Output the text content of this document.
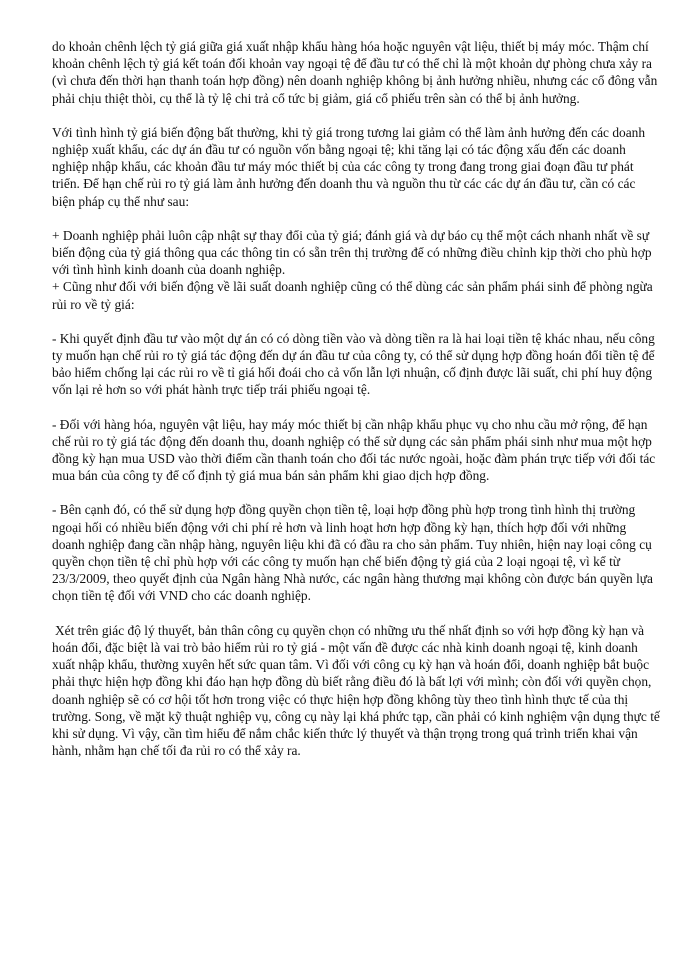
do khoản chênh lệch tỷ giá giữa giá xuất nhập khẩu hàng hóa hoặc nguyên vật liệu, thiết bị máy móc. Thậm chí khoản chênh lệch tỷ giá kết toán đối khoản vay ngoại tệ để đầu tư có thể chỉ là một khoản dự phòng chưa xảy ra (vì chưa đến thời hạn thanh toán hợp đồng) nên doanh nghiệp không bị ảnh hưởng nhiều, nhưng các cổ đông vẫn phải chịu thiệt thòi, cụ thể là tỷ lệ chi trả cổ tức bị giảm, giá cổ phiếu trên sàn có thể bị ảnh hưởng.

Với tình hình tỷ giá biến động bất thường, khi tỷ giá trong tương lai giảm có thể làm ảnh hưởng đến các doanh nghiệp xuất khẩu, các dự án đầu tư có nguồn vốn bằng ngoại tệ; khi tăng lại có tác động xấu đến các doanh nghiệp nhập khẩu, các khoản đầu tư máy móc thiết bị của các công ty trong đang trong giai đoạn đầu tư phát triển. Để hạn chế rủi ro tỷ giá làm ảnh hưởng đến doanh thu và nguồn thu từ các các dự án đầu tư, cần có các biện pháp cụ thể như sau:

+ Doanh nghiệp phải luôn cập nhật sự thay đổi của tỷ giá; đánh giá và dự báo cụ thể một cách nhanh nhất về sự biến động của tỷ giá thông qua các thông tin có sẵn trên thị trường để có những điều chỉnh kịp thời cho phù hợp với tình hình kinh doanh của doanh nghiệp.

+ Cũng như đối với biến động về lãi suất doanh nghiệp cũng có thể dùng các sản phẩm phái sinh để phòng ngừa rủi ro về tỷ giá:

- Khi quyết định đầu tư vào một dự án có có dòng tiền vào và dòng tiền ra là hai loại tiền tệ khác nhau, nếu công ty muốn hạn chế rủi ro tỷ giá tác động đến dự án đầu tư của công ty, có thể sử dụng hợp đồng hoán đổi tiền tệ để bảo hiểm chống lại các rủi ro về tỉ giá hối đoái cho cả vốn lẫn lợi nhuận, cố định được lãi suất, chi phí huy động vốn lại rẻ hơn so với phát hành trực tiếp trái phiếu ngoại tệ.

- Đối với hàng hóa, nguyên vật liệu, hay máy móc thiết bị cần nhập khẩu phục vụ cho nhu cầu mở rộng, để hạn chế rủi ro tỷ giá tác động đến doanh thu, doanh nghiệp có thể sử dụng các sản phẩm phái sinh như mua một hợp đồng kỳ hạn mua USD vào thời điểm cần thanh toán cho đối tác nước ngoài, hoặc đàm phán trực tiếp với đối tác mua bán của công ty để cố định tỷ giá mua bán sản phẩm khi giao dịch hợp đồng.

- Bên cạnh đó, có thể sử dụng hợp đồng quyền chọn tiền tệ, loại hợp đồng phù hợp trong tình hình thị trường ngoại hối có nhiều biến động với chi phí rẻ hơn và linh hoạt hơn hợp đồng kỳ hạn, thích hợp đối với những doanh nghiệp đang cần nhập hàng, nguyên liệu khi đã có đầu ra cho sản phẩm. Tuy nhiên, hiện nay loại công cụ quyền chọn tiền tệ chỉ phù hợp với các công ty muốn hạn chế biến động tỷ giá của 2 loại ngoại tệ, vì kể từ 23/3/2009, theo quyết định của Ngân hàng Nhà nước, các ngân hàng thương mại không còn được bán quyền lựa chọn tiền tệ đối với VND cho các doanh nghiệp.

Xét trên giác độ lý thuyết, bản thân công cụ quyền chọn có những ưu thế nhất định so với hợp đồng kỳ hạn và hoán đổi, đặc biệt là vai trò bảo hiểm rủi ro tỷ giá - một vấn đề được các nhà kinh doanh ngoại tệ, kinh doanh xuất nhập khẩu, thường xuyên hết sức quan tâm. Vì đối với công cụ kỳ hạn và hoán đổi, doanh nghiệp bắt buộc phải thực hiện hợp đồng khi đáo hạn hợp đồng dù biết rằng điều đó là bất lợi với mình; còn đối với quyền chọn, doanh nghiệp sẽ có cơ hội tốt hơn trong việc có thực hiện hợp đồng không tùy theo tình hình thực tế của thị trường. Song, về mặt kỹ thuật nghiệp vụ, công cụ này lại khá phức tạp, cần phải có kinh nghiệm vận dụng thực tế khi sử dụng. Vì vậy, cần tìm hiểu để nắm chắc kiến thức lý thuyết và thận trọng trong quá trình triển khai vận hành, nhằm hạn chế tối đa rủi ro có thể xảy ra.
